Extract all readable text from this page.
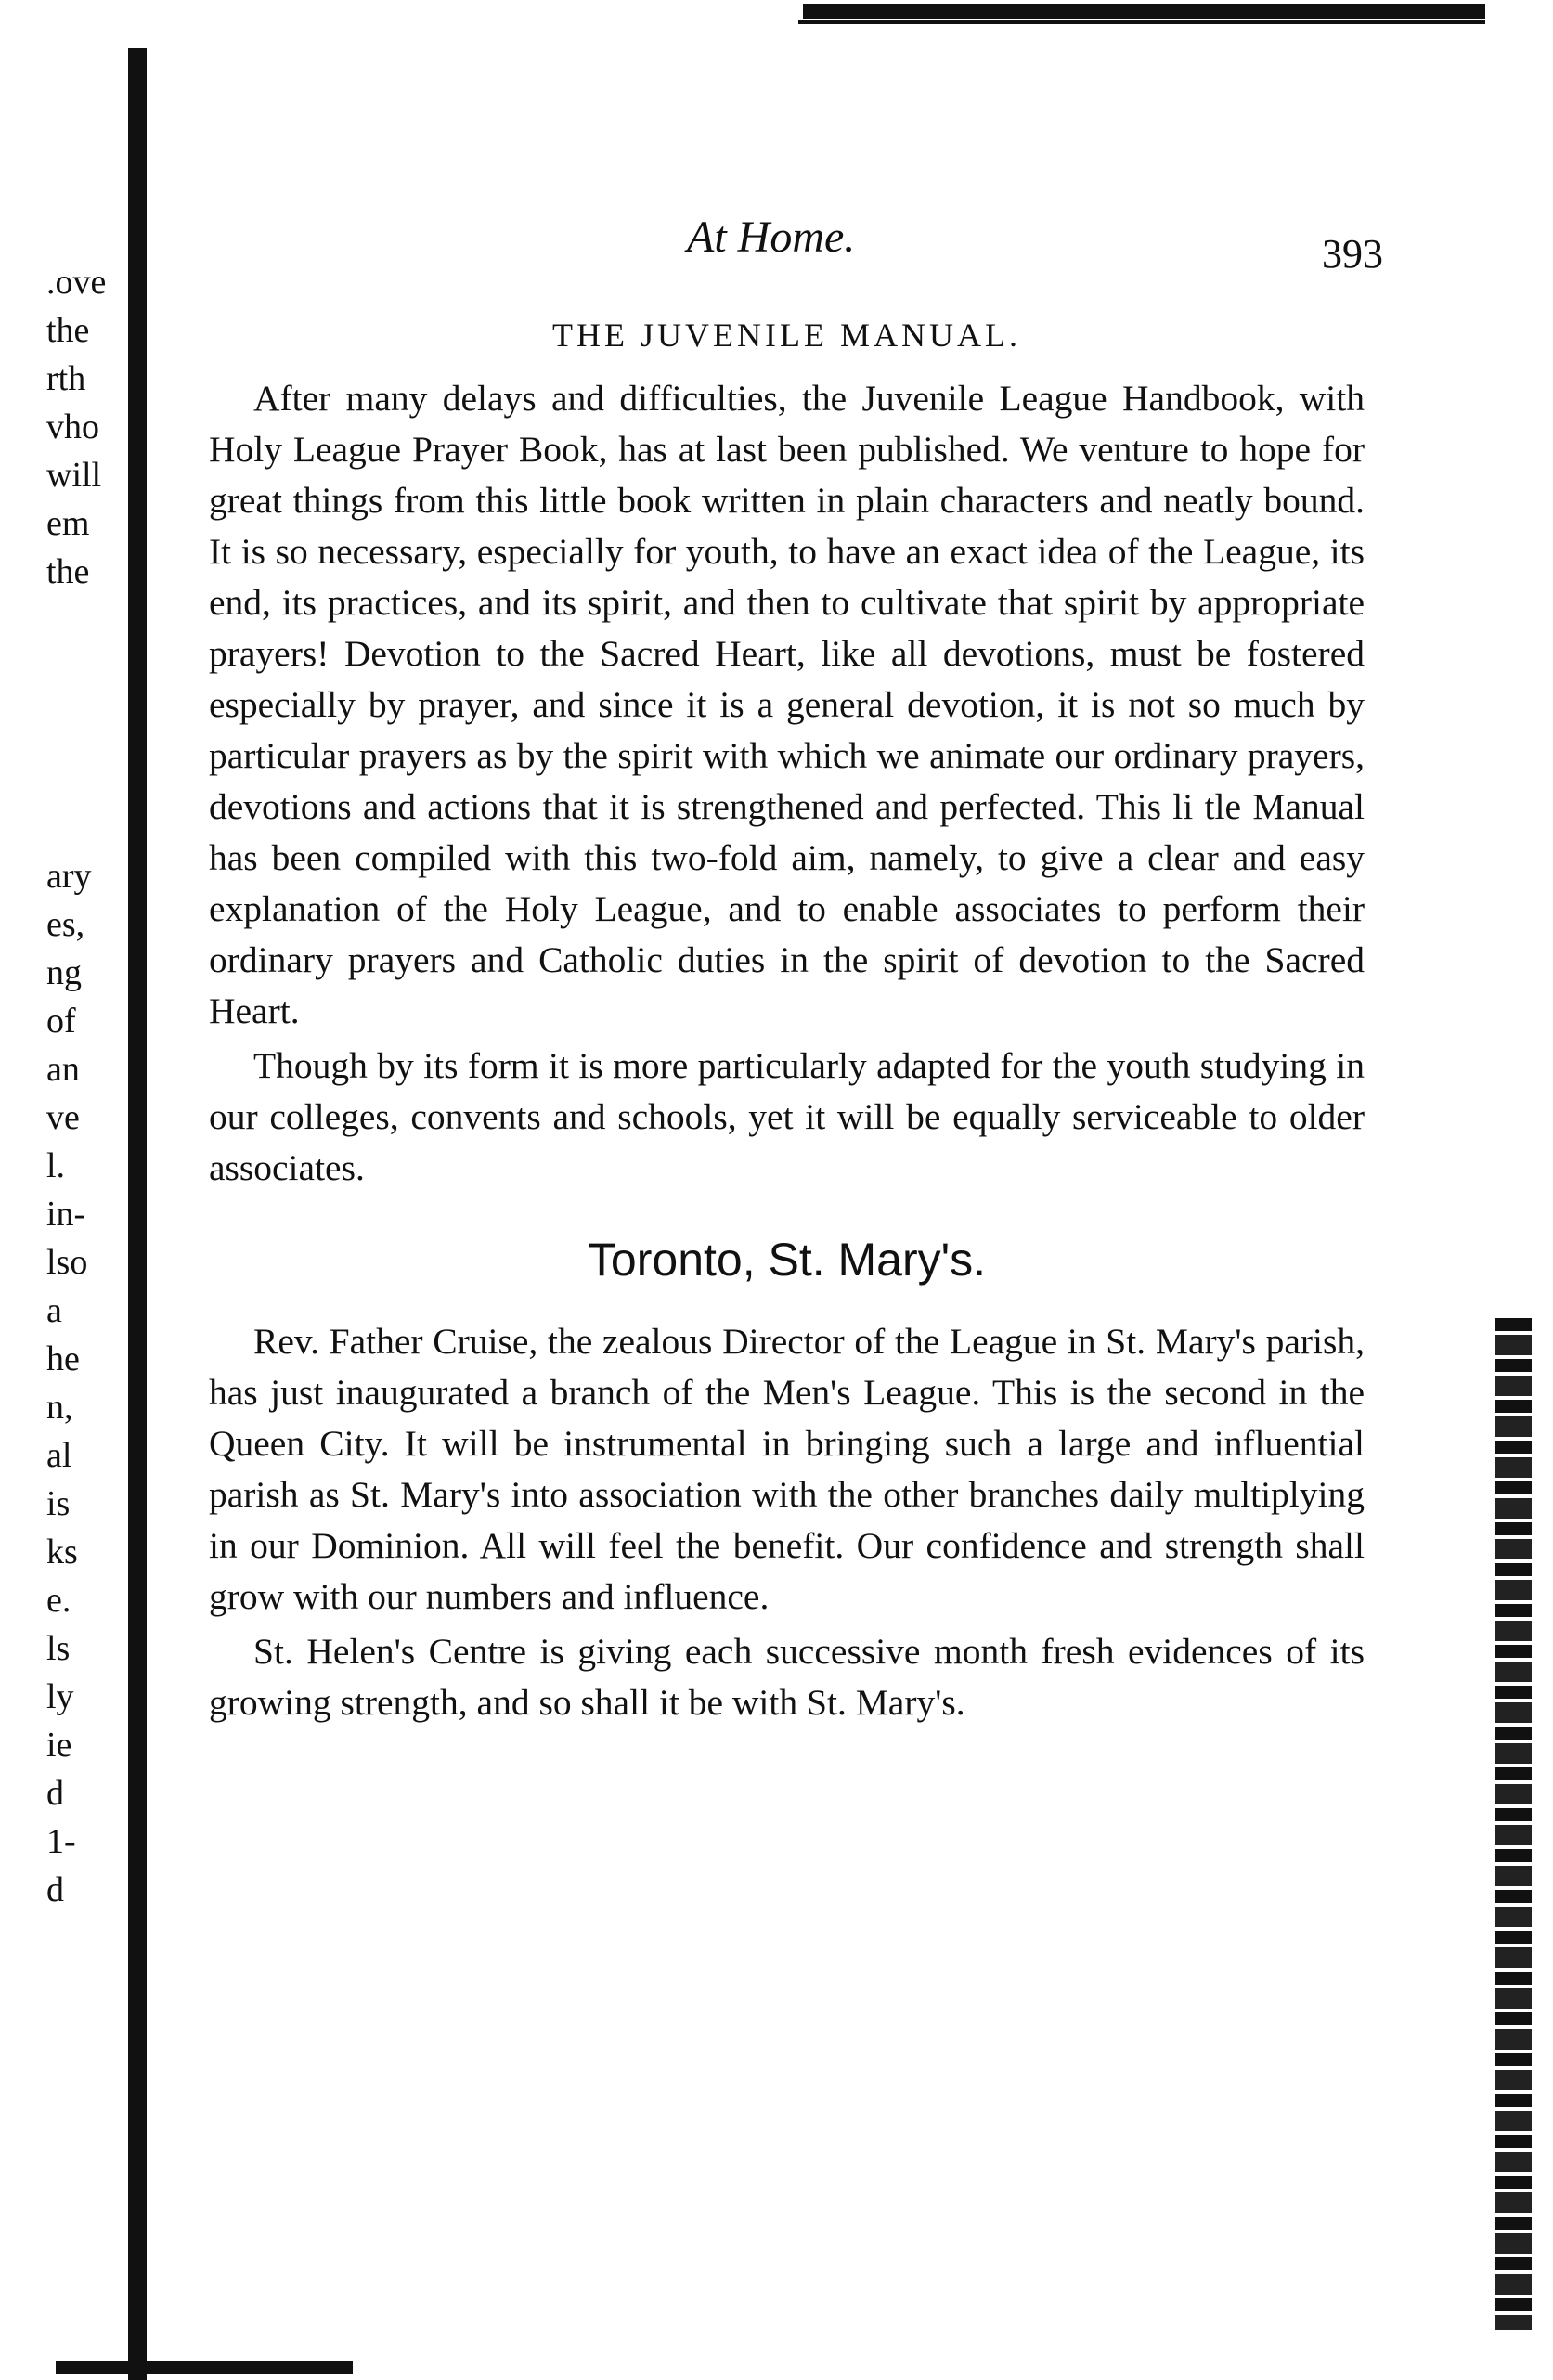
.ove
the
rth
vho
will
em
the
ary
es,
ng
of
an
ve
l.
in-
lso
a
he
n,
al
is
ks
e.
ls
ly
ie
d
1-
d
At Home.	393
THE JUVENILE MANUAL.

After many delays and difficulties, the Juvenile League Handbook, with Holy League Prayer Book, has at last been published. We venture to hope for great things from this little book written in plain characters and neatly bound. It is so necessary, especially for youth, to have an exact idea of the League, its end, its practices, and its spirit, and then to cultivate that spirit by appropriate prayers! Devotion to the Sacred Heart, like all devotions, must be fostered especially by prayer, and since it is a general devotion, it is not so much by particular prayers as by the spirit with which we animate our ordinary prayers, devotions and actions that it is strengthened and perfected. This li tle Manual has been compiled with this two-fold aim, namely, to give a clear and easy explanation of the Holy League, and to enable associates to perform their ordinary prayers and Catholic duties in the spirit of devotion to the Sacred Heart.

Though by its form it is more particularly adapted for the youth studying in our colleges, convents and schools, yet it will be equally serviceable to older associates.

Toronto, St. Mary's.

Rev. Father Cruise, the zealous Director of the League in St. Mary's parish, has just inaugurated a branch of the Men's League. This is the second in the Queen City. It will be instrumental in bringing such a large and influential parish as St. Mary's into association with the other branches daily multiplying in our Dominion. All will feel the benefit. Our confidence and strength shall grow with our numbers and influence.

St. Helen's Centre is giving each successive month fresh evidences of its growing strength, and so shall it be with St. Mary's.
